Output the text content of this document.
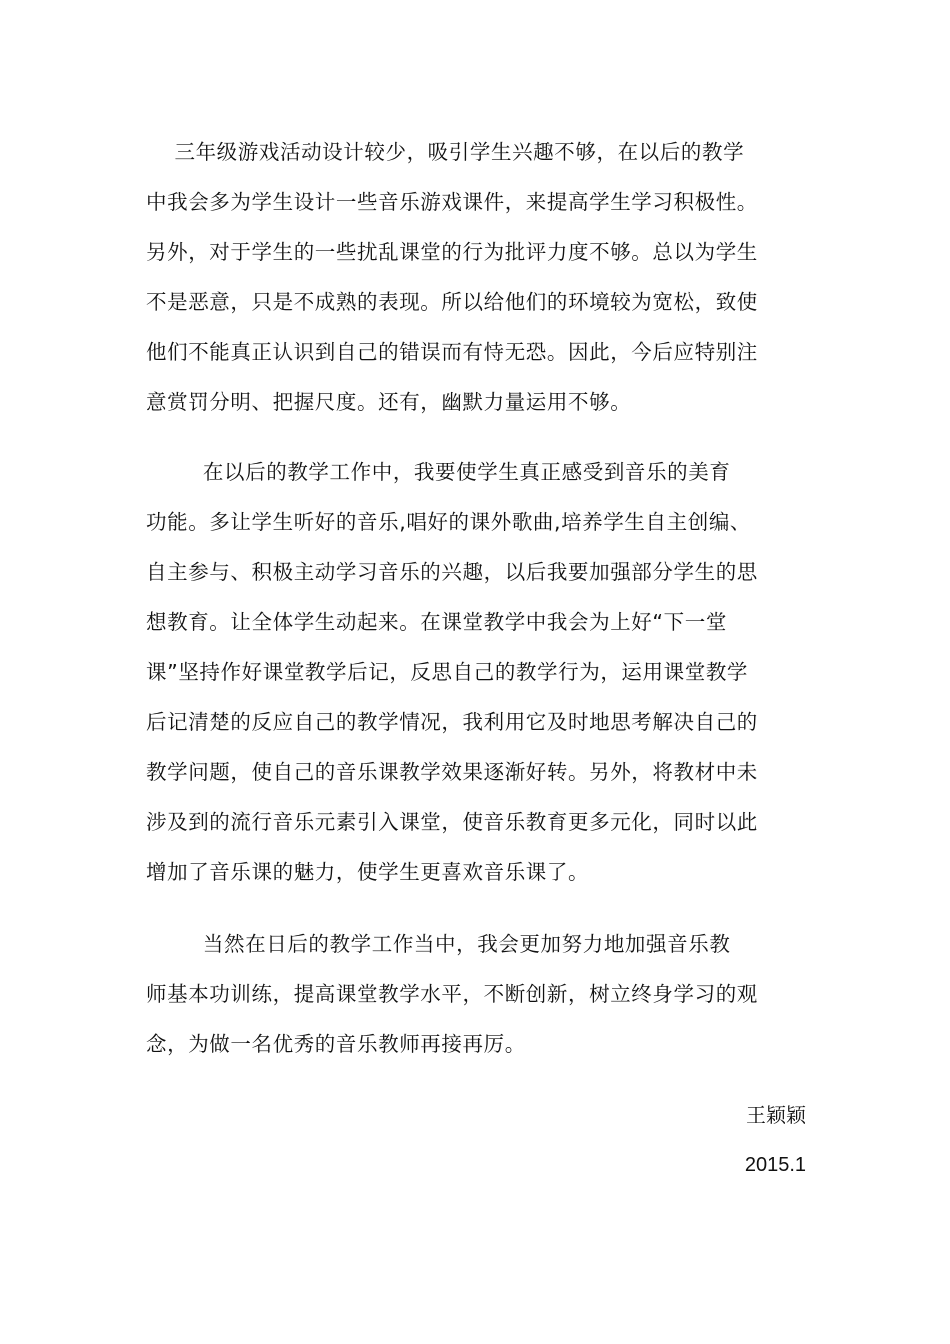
三年级游戏活动设计较少，吸引学生兴趣不够，在以后的教学
中我会多为学生设计一些音乐游戏课件，来提高学生学习积极性。
另外，对于学生的一些扰乱课堂的行为批评力度不够。总以为学生
不是恶意，只是不成熟的表现。所以给他们的环境较为宽松，致使
他们不能真正认识到自己的错误而有恃无恐。因此，今后应特别注
意赏罚分明、把握尺度。还有，幽默力量运用不够。
在以后的教学工作中，我要使学生真正感受到音乐的美育
功能。多让学生听好的音乐,唱好的课外歌曲,培养学生自主创编、
自主参与、积极主动学习音乐的兴趣，以后我要加强部分学生的思
想教育。让全体学生动起来。在课堂教学中我会为上好“下一堂
课”坚持作好课堂教学后记，反思自己的教学行为，运用课堂教学
后记清楚的反应自己的教学情况，我利用它及时地思考解决自己的
教学问题，使自己的音乐课教学效果逐渐好转。另外，将教材中未
涉及到的流行音乐元素引入课堂，使音乐教育更多元化，同时以此
增加了音乐课的魅力，使学生更喜欢音乐课了。
当然在日后的教学工作当中，我会更加努力地加强音乐教
师基本功训练，提高课堂教学水平，不断创新，树立终身学习的观
念，为做一名优秀的音乐教师再接再厉。
王颖颖
2015.1
